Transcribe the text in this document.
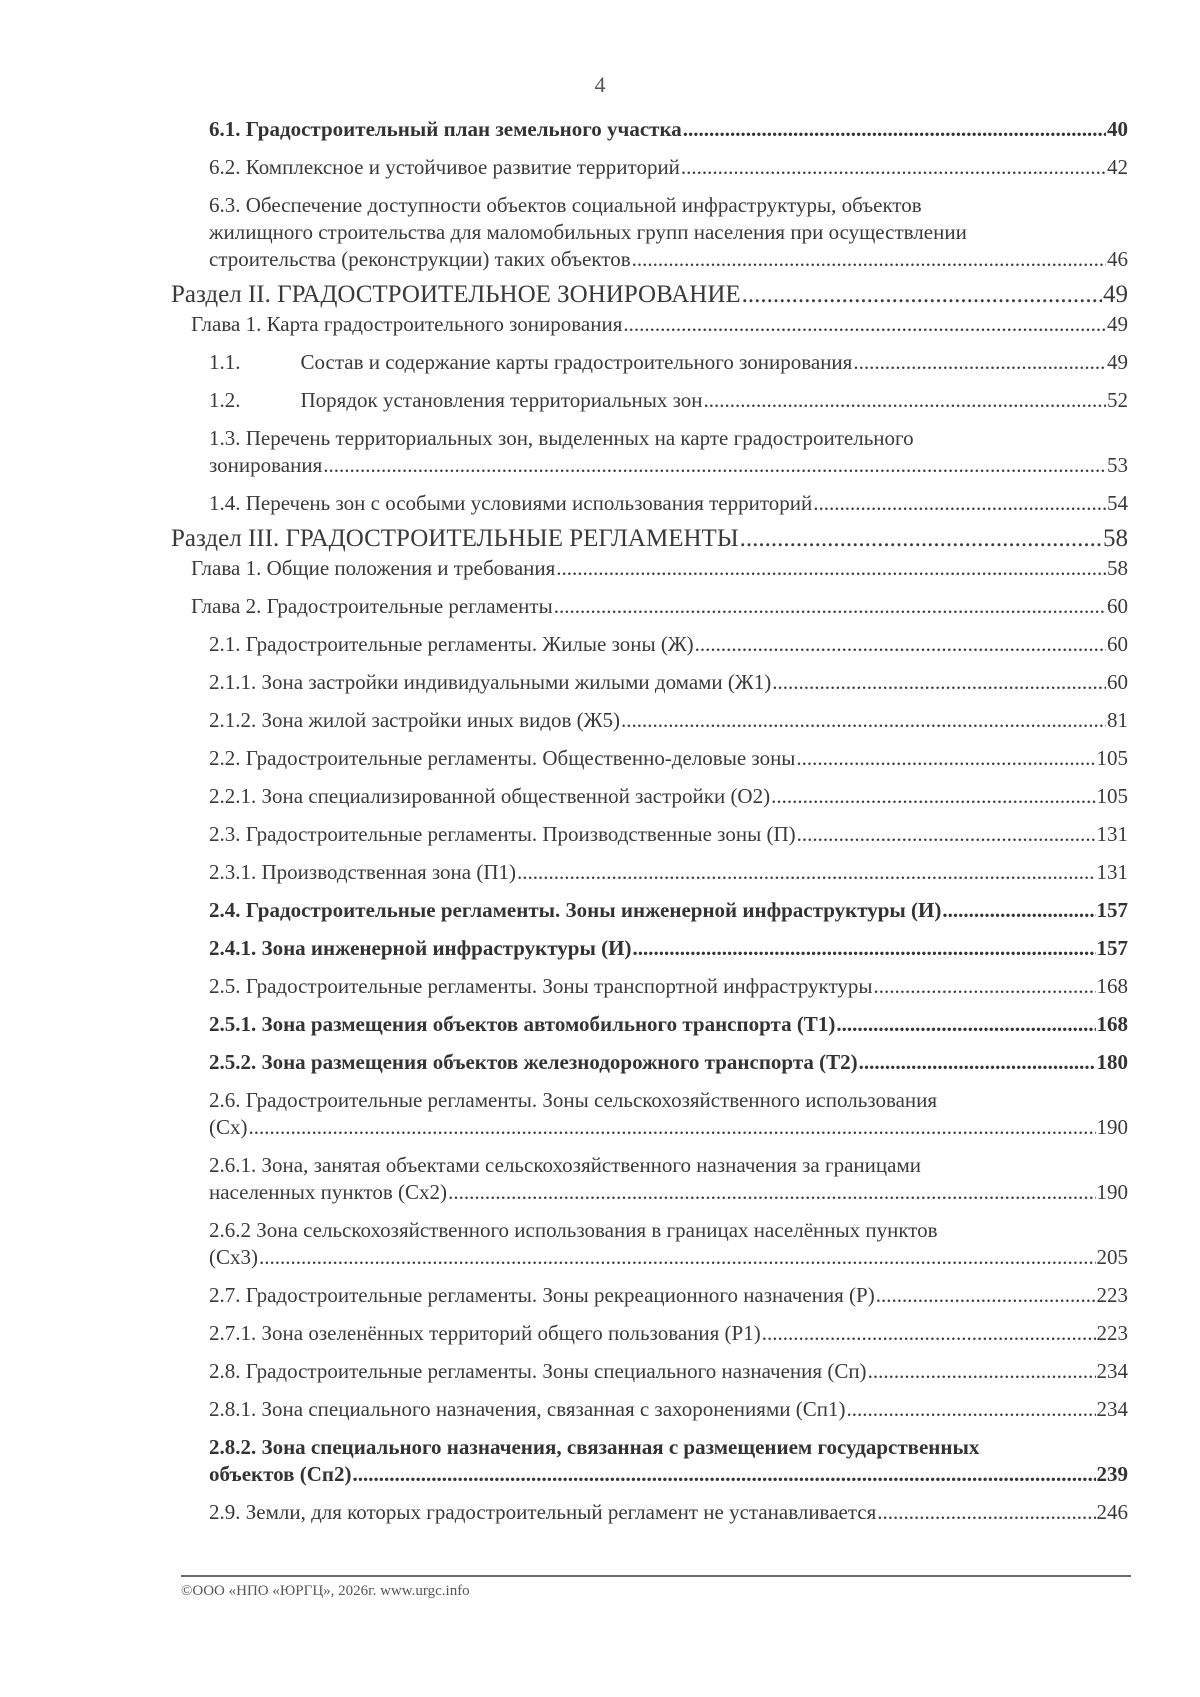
4
6.1. Градостроительный план земельного участка .....	40
6.2. Комплексное и устойчивое развитие территорий .....	42
6.3. Обеспечение доступности объектов социальной инфраструктуры, объектов
жилищного строительства для маломобильных групп населения при осуществлении
строительства (реконструкции) таких объектов .....	46
Раздел II. ГРАДОСТРОИТЕЛЬНОЕ ЗОНИРОВАНИЕ .....	49
Глава 1. Карта градостроительного зонирования .....	49
1.1.	Состав и содержание карты градостроительного зонирования .....	49
1.2.	Порядок установления территориальных зон .....	52
1.3. Перечень территориальных зон, выделенных на карте градостроительного
зонирования .....	53
1.4. Перечень зон с особыми условиями использования территорий .....	54
Раздел III. ГРАДОСТРОИТЕЛЬНЫЕ РЕГЛАМЕНТЫ .....	58
Глава 1. Общие положения и требования .....	58
Глава 2. Градостроительные регламенты .....	60
2.1. Градостроительные регламенты. Жилые зоны (Ж) .....	60
2.1.1. Зона застройки индивидуальными жилыми домами (Ж1) .....	60
2.1.2. Зона жилой застройки иных видов (Ж5) .....	81
2.2. Градостроительные регламенты. Общественно-деловые зоны .....	105
2.2.1. Зона специализированной общественной застройки (О2) .....	105
2.3. Градостроительные регламенты. Производственные зоны (П) .....	131
2.3.1. Производственная зона (П1) .....	131
2.4. Градостроительные регламенты. Зоны инженерной инфраструктуры (И) .....	157
2.4.1. Зона инженерной инфраструктуры (И) .....	157
2.5. Градостроительные регламенты. Зоны транспортной инфраструктуры .....	168
2.5.1. Зона размещения объектов автомобильного транспорта (Т1) .....	168
2.5.2. Зона размещения объектов железнодорожного транспорта (Т2) .....	180
2.6. Градостроительные регламенты. Зоны сельскохозяйственного использования
(Сх) .....	190
2.6.1. Зона, занятая объектами сельскохозяйственного назначения за границами
населенных пунктов (Сх2) .....	190
2.6.2 Зона сельскохозяйственного использования в границах населённых пунктов
(Сх3) .....	205
2.7. Градостроительные регламенты. Зоны рекреационного назначения (Р) .....	223
2.7.1. Зона озеленённых территорий общего пользования (Р1) .....	223
2.8. Градостроительные регламенты. Зоны специального назначения (Сп) .....	234
2.8.1. Зона специального назначения, связанная с захоронениями (Сп1) .....	234
2.8.2. Зона специального назначения, связанная с размещением государственных
объектов (Сп2) .....	239
2.9. Земли, для которых градостроительный регламент не устанавливается .....	246
©ООО «НПО «ЮРГЦ», 2026г. www.urgc.info
